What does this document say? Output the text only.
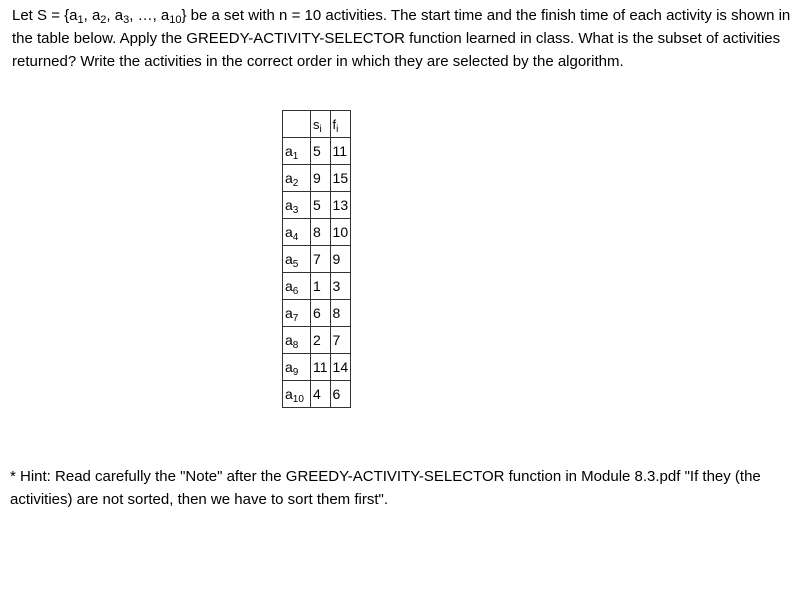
Let $S = \{a_1$, $a_2$, $a_3$, …, $a_{10}$} be a set with n = 10 activities. The start time and the finish time of each activity is shown in the table below. Apply the GREEDY-ACTIVITY-SELECTOR function learned in class. What is the subset of activities returned? Write the activities in the correct order in which they are selected by the algorithm.

	$s_i$	$f_i$
$a_1$	5	11
$a_2$	9	15
$a_3$	5	13
$a_4$	8	10
$a_5$	7	9
$a_6$	1	3
$a_7$	6	8
$a_8$	2	7
$a_9$	11	14
$a_{10}$	4	6

* Hint: Read carefully the "Note" after the GREEDY-ACTIVITY-SELECTOR function in Module 8.3.pdf "If they (the activities) are not sorted, then we have to sort them first".
